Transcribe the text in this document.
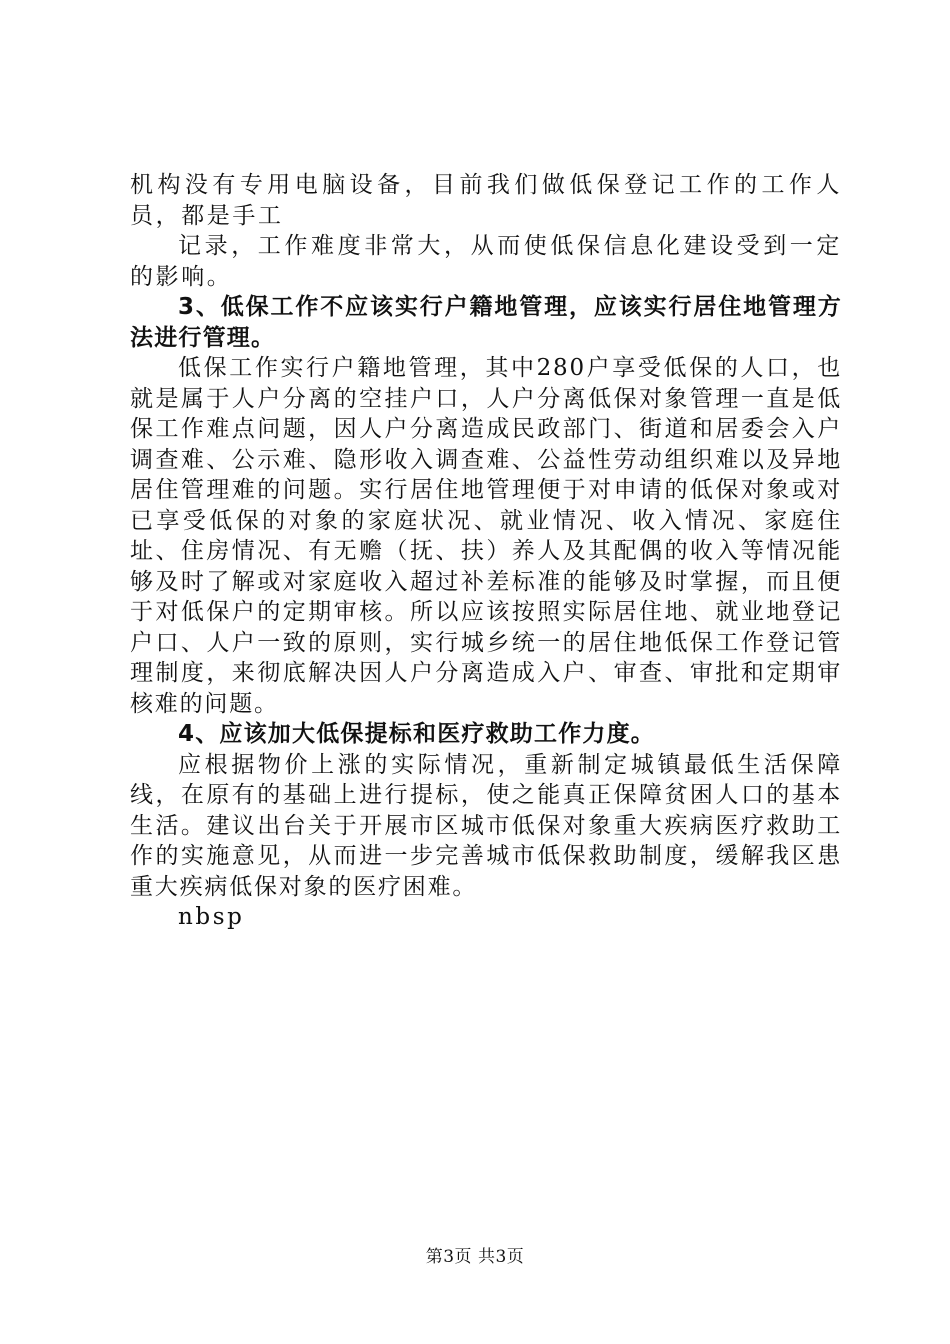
机构没有专用电脑设备，目前我们做低保登记工作的工作人员，都是手工

记录，工作难度非常大，从而使低保信息化建设受到一定的影响。

3、低保工作不应该实行户籍地管理，应该实行居住地管理方法进行管理。

低保工作实行户籍地管理，其中280户享受低保的人口，也就是属于人户分离的空挂户口，人户分离低保对象管理一直是低保工作难点问题，因人户分离造成民政部门、街道和居委会入户调查难、公示难、隐形收入调查难、公益性劳动组织难以及异地居住管理难的问题。实行居住地管理便于对申请的低保对象或对已享受低保的对象的家庭状况、就业情况、收入情况、家庭住址、住房情况、有无赡（抚、扶）养人及其配偶的收入等情况能够及时了解或对家庭收入超过补差标准的能够及时掌握，而且便于对低保户的定期审核。所以应该按照实际居住地、就业地登记户口、人户一致的原则，实行城乡统一的居住地低保工作登记管理制度，来彻底解决因人户分离造成入户、审查、审批和定期审核难的问题。

4、应该加大低保提标和医疗救助工作力度。

应根据物价上涨的实际情况，重新制定城镇最低生活保障线，在原有的基础上进行提标，使之能真正保障贫困人口的基本生活。建议出台关于开展市区城市低保对象重大疾病医疗救助工作的实施意见，从而进一步完善城市低保救助制度，缓解我区患重大疾病低保对象的医疗困难。

nbsp

第3页 共3页
